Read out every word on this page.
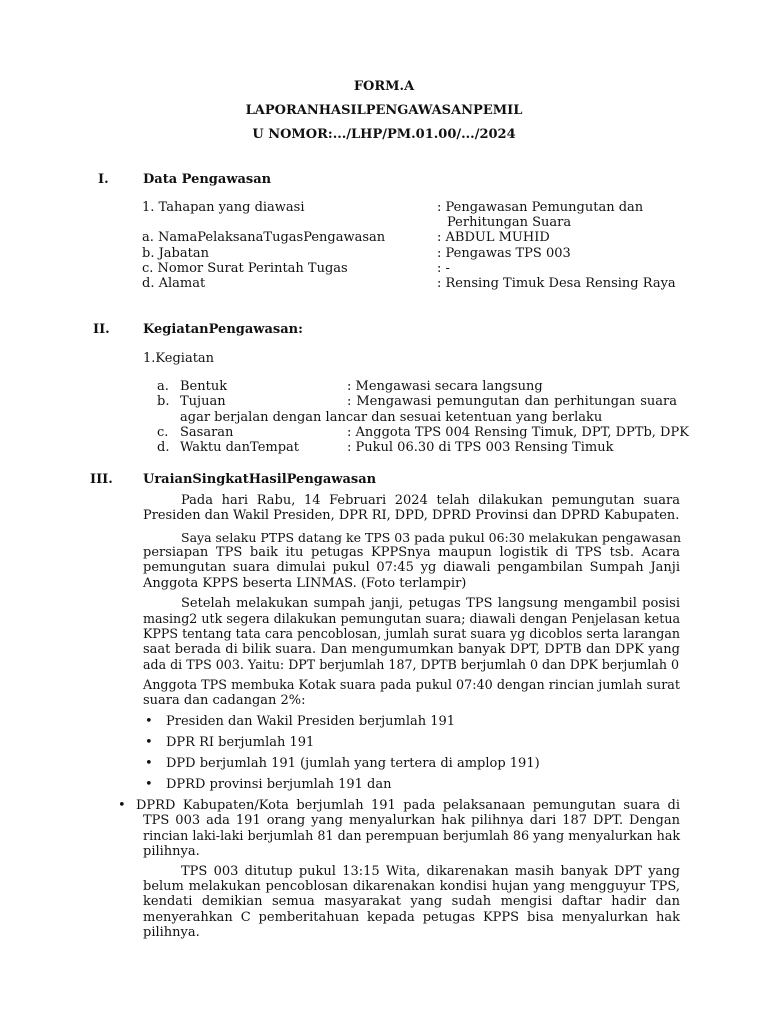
FORM.A
LAPORANHASILPENGAWASANPEMIL
U NOMOR:.../LHP/PM.01.00/.../2024
I.	Data Pengawasan
1. Tahapan yang diawasi	: Pengawasan Pemungutan dan
Perhitungan Suara
a. NamaPelaksanaTugasPengawasan	: ABDUL MUHID
b. Jabatan	: Pengawas TPS 003
c. Nomor Surat Perintah Tugas	: -
d. Alamat	: Rensing Timuk Desa Rensing Raya
II.	KegiatanPengawasan:
1.Kegiatan
a. Bentuk	: Mengawasi secara langsung
b. Tujuan	: Mengawasi pemungutan dan perhitungan suara
agar berjalan dengan lancar dan sesuai ketentuan yang berlaku
c. Sasaran	: Anggota TPS 004 Rensing Timuk, DPT, DPTb, DPK
d. Waktu danTempat	: Pukul 06.30 di TPS 003 Rensing Timuk
III. UraianSingkatHasilPengawasan
Pada hari Rabu, 14 Februari 2024 telah dilakukan pemungutan suara
Presiden dan Wakil Presiden, DPR RI, DPD, DPRD Provinsi dan DPRD Kabupaten.
Saya selaku PTPS datang ke TPS 03 pada pukul 06:30 melakukan pengawasan
persiapan TPS baik itu petugas KPPSnya maupun logistik di TPS tsb. Acara
pemungutan suara dimulai pukul 07:45 yg diawali pengambilan Sumpah Janji
Anggota KPPS beserta LINMAS. (Foto terlampir)
Setelah melakukan sumpah janji, petugas TPS langsung mengambil posisi
masing2 utk segera dilakukan pemungutan suara; diawali dengan Penjelasan ketua
KPPS tentang tata cara pencoblosan, jumlah surat suara yg dicoblos serta larangan
saat berada di bilik suara. Dan mengumumkan banyak DPT, DPTB dan DPK yang
ada di TPS 003. Yaitu: DPT berjumlah 187, DPTB berjumlah 0 dan DPK berjumlah 0
Anggota TPS membuka Kotak suara pada pukul 07:40 dengan rincian jumlah surat
suara dan cadangan 2%:
• Presiden dan Wakil Presiden berjumlah 191
• DPR RI berjumlah 191
• DPD berjumlah 191 (jumlah yang tertera di amplop 191)
• DPRD provinsi berjumlah 191 dan
• DPRD Kabupaten/Kota berjumlah 191 pada pelaksanaan pemungutan suara di
TPS 003 ada 191 orang yang menyalurkan hak pilihnya dari 187 DPT. Dengan
rincian laki-laki berjumlah 81 dan perempuan berjumlah 86 yang menyalurkan hak
pilihnya.
TPS 003 ditutup pukul 13:15 Wita, dikarenakan masih banyak DPT yang
belum melakukan pencoblosan dikarenakan kondisi hujan yang mengguyur TPS,
kendati demikian semua masyarakat yang sudah mengisi daftar hadir dan
menyerahkan C pemberitahuan kepada petugas KPPS bisa menyalurkan hak
pilihnya.
